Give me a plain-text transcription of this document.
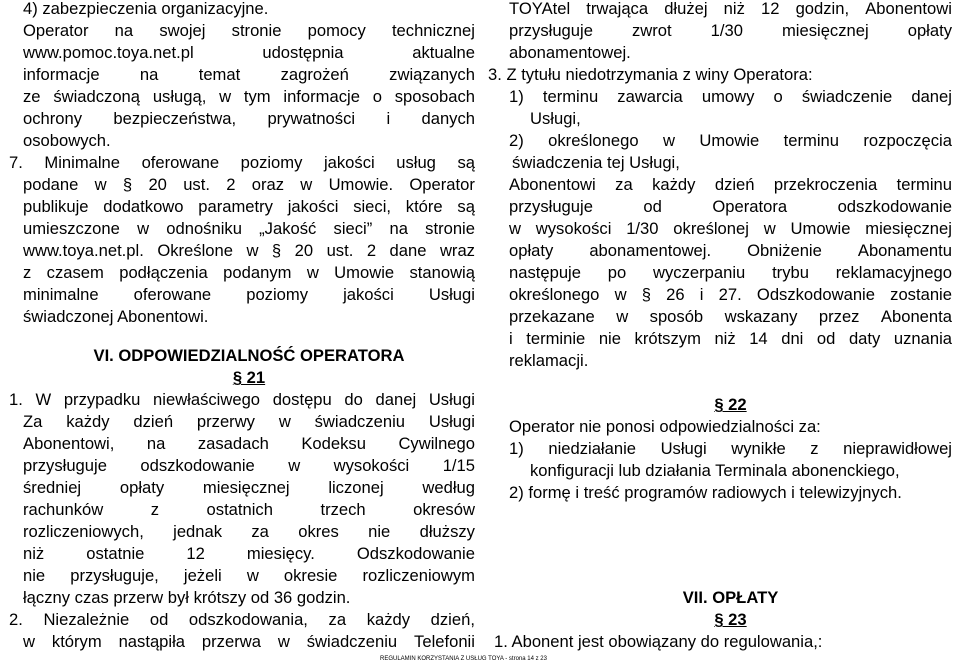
4) zabezpieczenia organizacyjne.
Operator na swojej stronie pomocy technicznej
www.pomoc.toya.net.pl	udostępnia	aktualne
informacje na temat zagrożeń związanych
ze świadczoną usługą, w tym informacje o sposobach
ochrony bezpieczeństwa, prywatności i danych
osobowych.
7. Minimalne oferowane poziomy jakości usług są
podane w § 20 ust. 2 oraz w Umowie. Operator
publikuje dodatkowo parametry jakości sieci, które są
umieszczone w odnośniku „Jakość sieci” na stronie
www.toya.net.pl. Określone w § 20 ust. 2 dane wraz
z czasem podłączenia podanym w Umowie stanowią
minimalne oferowane poziomy jakości Usługi
świadczonej Abonentowi.
VI. ODPOWIEDZIALNOŚĆ OPERATORA
§ 21
1. W przypadku niewłaściwego dostępu do danej Usługi
Za każdy dzień przerwy w świadczeniu Usługi
Abonentowi, na zasadach Kodeksu Cywilnego
przysługuje odszkodowanie w wysokości 1/15
średniej opłaty miesięcznej liczonej według
rachunków	z	ostatnich	trzech	okresów
rozliczeniowych, jednak za okres nie dłuższy
niż	ostatnie	12	miesięcy.	Odszkodowanie
nie przysługuje, jeżeli w okresie rozliczeniowym
łączny czas przerw był krótszy od 36 godzin.
2. Niezależnie od odszkodowania, za każdy dzień,
w którym nastąpiła przerwa w świadczeniu Telefonii
TOYAtel trwająca dłużej niż 12 godzin, Abonentowi
przysługuje zwrot 1/30 miesięcznej opłaty
abonamentowej.
3. Z tytułu niedotrzymania z winy Operatora:
1) terminu zawarcia umowy o świadczenie danej
Usługi,
2) określonego w Umowie terminu rozpoczęcia
świadczenia tej Usługi,
Abonentowi za każdy dzień przekroczenia terminu
przysługuje	od	Operatora	odszkodowanie
w wysokości 1/30 określonej w Umowie miesięcznej
opłaty abonamentowej. Obniżenie Abonamentu
następuje po wyczerpaniu trybu reklamacyjnego
określonego w § 26 i 27. Odszkodowanie zostanie
przekazane w sposób wskazany przez Abonenta
i terminie nie krótszym niż 14 dni od daty uznania
reklamacji.
§ 22
Operator nie ponosi odpowiedzialności za:
1) niedziałanie Usługi wynikłe z nieprawidłowej
konfiguracji lub działania Terminala abonenckiego,
2) formę i treść programów radiowych i telewizyjnych.
VII. OPŁATY
§ 23
1. Abonent jest obowiązany do regulowania,:
REGULAMIN KORZYSTANIA Z USŁUG TOYA - strona 14 z 23
